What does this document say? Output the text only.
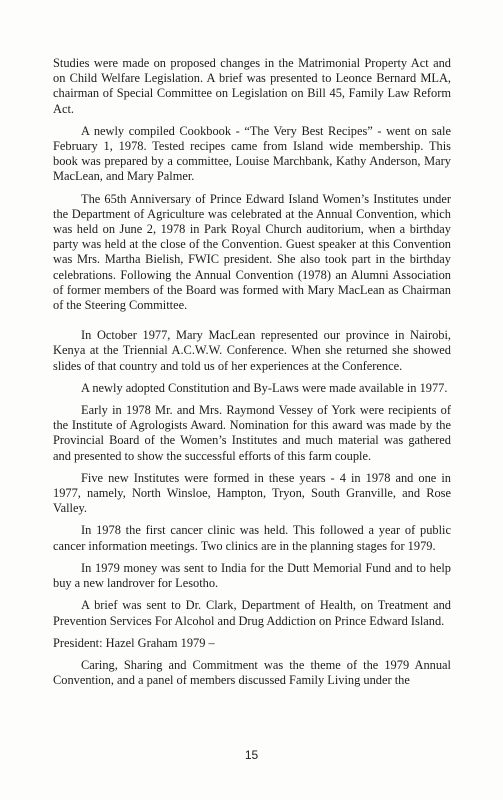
Studies were made on proposed changes in the Matrimonial Property Act and on Child Welfare Legislation. A brief was presented to Leonce Bernard MLA, chairman of Special Committee on Legislation on Bill 45, Family Law Reform Act.

A newly compiled Cookbook - “The Very Best Recipes” - went on sale February 1, 1978. Tested recipes came from Island wide membership. This book was prepared by a committee, Louise Marchbank, Kathy Anderson, Mary MacLean, and Mary Palmer.

The 65th Anniversary of Prince Edward Island Women’s Institutes under the Department of Agriculture was celebrated at the Annual Convention, which was held on June 2, 1978 in Park Royal Church auditorium, when a birthday party was held at the close of the Convention. Guest speaker at this Convention was Mrs. Martha Bielish, FWIC president. She also took part in the birthday celebrations. Following the Annual Convention (1978) an Alumni Association of former members of the Board was formed with Mary MacLean as Chairman of the Steering Committee.

In October 1977, Mary MacLean represented our province in Nairobi, Kenya at the Triennial A.C.W.W. Conference. When she returned she showed slides of that country and told us of her experiences at the Conference.

A newly adopted Constitution and By-Laws were made available in 1977.

Early in 1978 Mr. and Mrs. Raymond Vessey of York were recipients of the Institute of Agrologists Award. Nomination for this award was made by the Provincial Board of the Women’s Institutes and much material was gathered and presented to show the successful efforts of this farm couple.

Five new Institutes were formed in these years - 4 in 1978 and one in 1977, namely, North Winsloe, Hampton, Tryon, South Granville, and Rose Valley.

In 1978 the first cancer clinic was held. This followed a year of public cancer information meetings. Two clinics are in the planning stages for 1979.

In 1979 money was sent to India for the Dutt Memorial Fund and to help buy a new landrover for Lesotho.

A brief was sent to Dr. Clark, Department of Health, on Treatment and Prevention Services For Alcohol and Drug Addiction on Prince Edward Island.

President: Hazel Graham 1979 –

Caring, Sharing and Commitment was the theme of the 1979 Annual Convention, and a panel of members discussed Family Living under the

15
